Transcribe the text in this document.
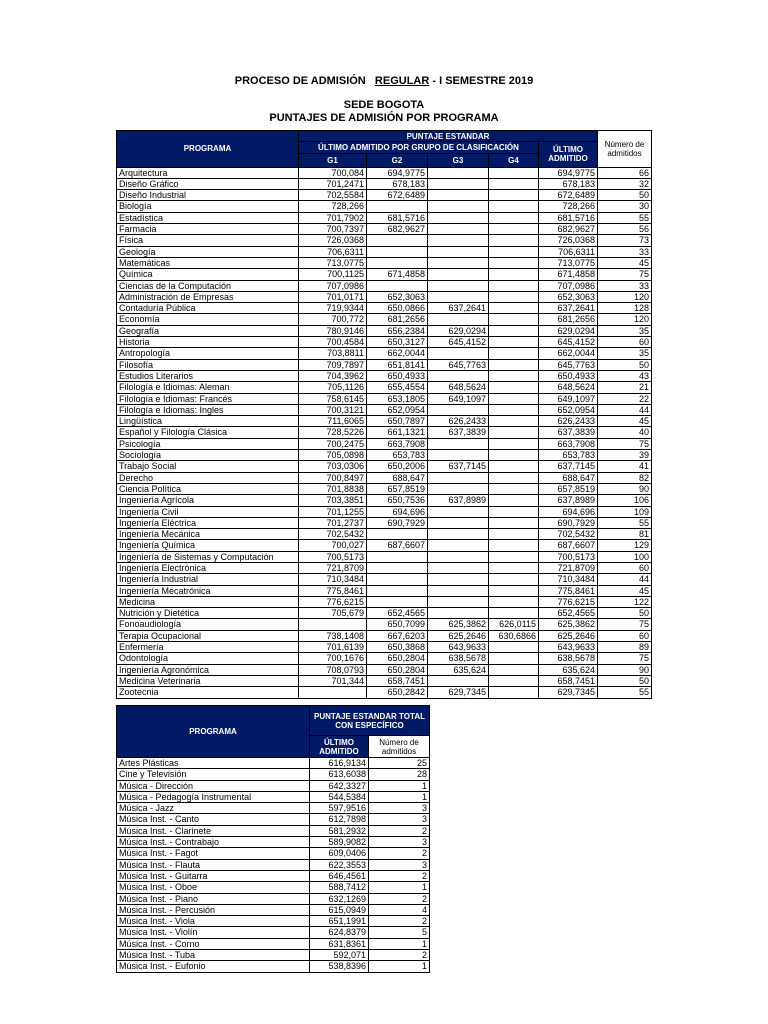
PROCESO DE ADMISIÓN REGULAR - I SEMESTRE 2019
SEDE BOGOTA
PUNTAJES DE ADMISIÓN POR PROGRAMA
PROGRAMA	PUNTAJE ESTANDAR					Número de admitidos
	ÚLTIMO ADMITIDO POR GRUPO DE CLASIFICACIÓN				ÚLTIMO ADMITIDO	
	G1	G2	G3	G4		
Arquitectura	700,084	694,9775			694,9775	66
Diseño Gráfico	701,2471	678,183			678,183	32
Diseño Industrial	702,5584	672,6489			672,6489	50
Biología	728,266				728,266	30
Estadística	701,7902	681,5716			681,5716	55
Farmacia	700,7397	682,9627			682,9627	56
Física	726,0368				726,0368	73
Geología	706,6311				706,6311	33
Matemáticas	713,0775				713,0775	45
Química	700,1125	671,4858			671,4858	75
Ciencias de la Computación	707,0986				707,0986	33
Administración de Empresas	701,0171	652,3063			652,3063	120
Contaduría Pública	719,9344	650,0866	637,2641		637,2641	128
Economía	700,772	681,2656			681,2656	120
Geografía	780,9146	656,2384	629,0294		629,0294	35
Historia	700,4584	650,3127	645,4152		645,4152	60
Antropología	703,8811	662,0044			662,0044	35
Filosofía	709,7897	651,8141	645,7763		645,7763	50
Estudios Literarios	704,3962	650,4933			650,4933	43
Filología e Idiomas: Aleman	705,1126	655,4554	648,5624		648,5624	21
Filología e Idiomas: Francés	758,6145	653,1805	649,1097		649,1097	22
Filología e Idiomas: Ingles	700,3121	652,0954			652,0954	44
Lingüística	711,6065	650,7897	626,2433		626,2433	45
Español y Filología Clásica	728,5226	661,1321	637,3839		637,3839	40
Psicología	700,2475	663,7908			663,7908	75
Sociología	705,0898	653,783			653,783	39
Trabajo Social	703,0306	650,2006	637,7145		637,7145	41
Derecho	700,8497	688,647			688,647	82
Ciencia Política	701,8838	657,8519			657,8519	90
Ingeniería Agrícola	703,3851	650,7536	637,8989		637,8989	106
Ingeniería Civil	701,1255	694,696			694,696	109
Ingeniería Eléctrica	701,2737	690,7929			690,7929	55
Ingeniería Mecánica	702,5432				702,5432	81
Ingeniería Química	700,027	687,6607			687,6607	129
Ingeniería de Sistemas y Computación	700,5173				700,5173	100
Ingeniería Electrónica	721,8709				721,8709	60
Ingeniería Industrial	710,3484				710,3484	44
Ingeniería Mecatrónica	775,8461				775,8461	45
Medicina	776,6215				776,6215	122
Nutrición y Dietética	705,679	652,4565			652,4565	50
Fonoaudiología		650,7099	625,3862	626,0115	625,3862	75
Terapia Ocupacional	738,1408	667,6203	625,2646	630,6866	625,2646	60
Enfermería	701,6139	650,3868	643,9633		643,9633	89
Odontología	700,1676	650,2804	638,5678		638,5678	75
Ingeniería Agronómica	708,0793	650,2804	635,624		635,624	90
Medicina Veterinaria	701,344	658,7451			658,7451	50
Zootecnia		650,2842	629,7345		629,7345	55
PROGRAMA	PUNTAJE ESTANDAR TOTAL CON ESPECÍFICO	
	ÚLTIMO ADMITIDO	Número de admitidos
Artes Plásticas	616,9134	25
Cine y Televisión	613,6038	28
Música - Dirección	642,3327	1
Música - Pedagogía Instrumental	544,5384	1
Música - Jazz	597,9516	3
Música Inst. - Canto	612,7898	3
Música Inst. - Clarinete	581,2932	2
Música Inst. - Contrabajo	589,9082	3
Música Inst. - Fagot	609,0406	2
Música Inst. - Flauta	622,3553	3
Música Inst. - Guitarra	646,4561	2
Música Inst. - Oboe	588,7412	1
Música Inst. - Piano	632,1269	2
Música Inst. - Percusión	615,0949	4
Música Inst. - Viola	651,1991	2
Música Inst. - Violín	624,8379	5
Música Inst. - Corno	631,8361	1
Música Inst. - Tuba	592,071	2
Música Inst. - Eufonio	538,8396	1
